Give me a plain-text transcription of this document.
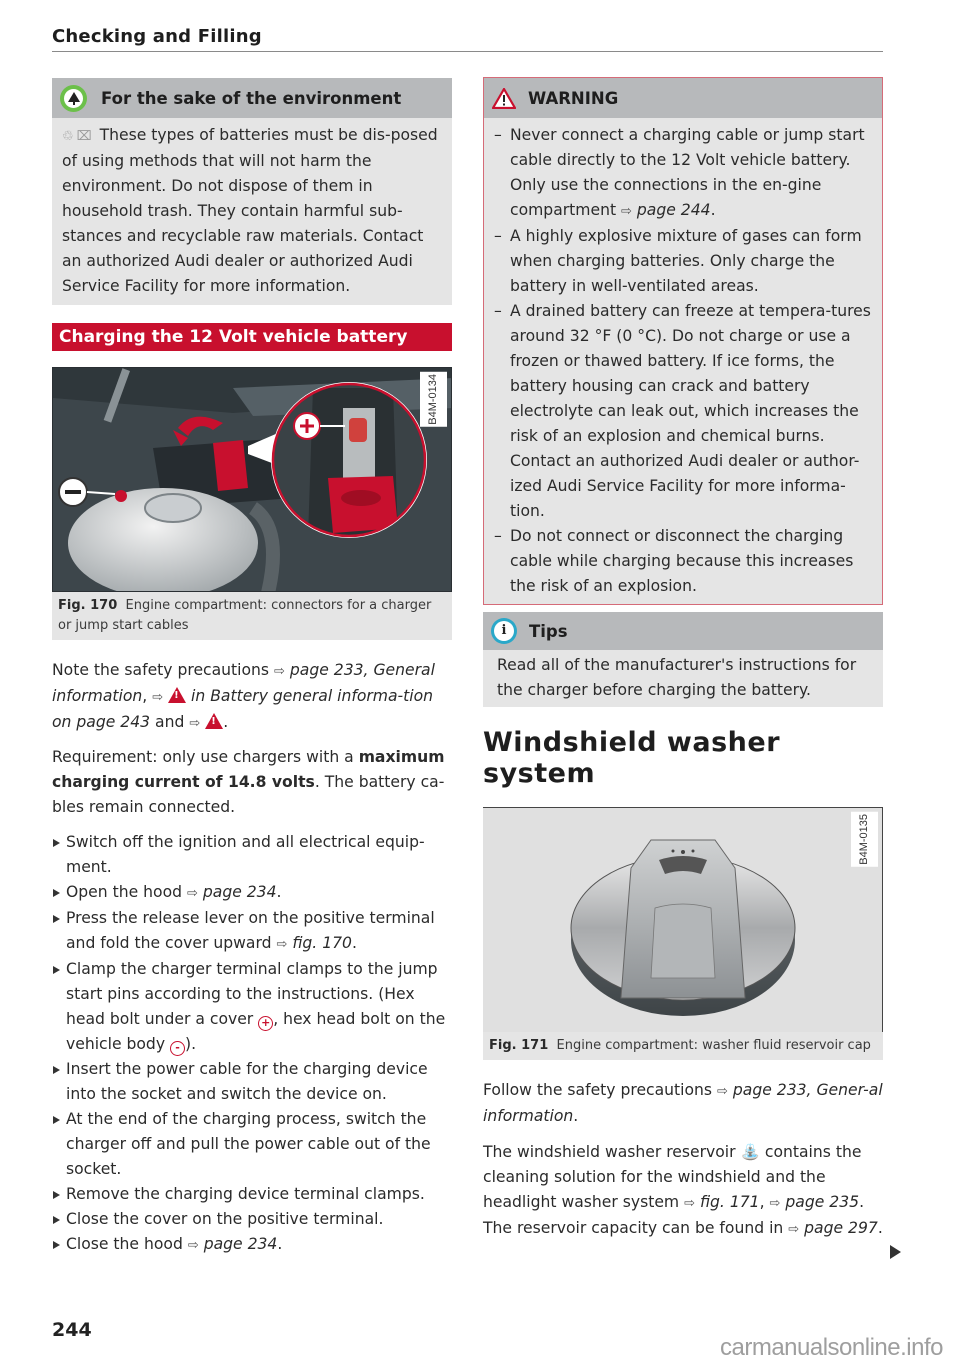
Checking and Filling
For the sake of the environment
♲ ⌧ These types of batteries must be dis-posed of using methods that will not harm the environment. Do not dispose of them in household trash. They contain harmful sub-stances and recyclable raw materials. Contact an authorized Audi dealer or authorized Audi Service Facility for more information.
Charging the 12 Volt vehicle battery
B4M-0134
Fig. 170 Engine compartment: connectors for a charger or jump start cables

Note the safety precautions ⇨ page 233, General information, ⇨ ! in Battery general informa-tion on page 243 and ⇨ ! .

Requirement: only use chargers with a maximum charging current of 14.8 volts. The battery ca-bles remain connected.

Switch off the ignition and all electrical equip-ment.
Open the hood ⇨ page 234.
Press the release lever on the positive terminal and fold the cover upward ⇨ fig. 170.
Clamp the charger terminal clamps to the jump start pins according to the instructions. (Hex head bolt under a cover + , hex head bolt on the vehicle body - ).
Insert the power cable for the charging device into the socket and switch the device on.
At the end of the charging process, switch the charger off and pull the power cable out of the socket.
Remove the charging device terminal clamps.
Close the cover on the positive terminal.
Close the hood ⇨ page 234.
WARNING
– Never connect a charging cable or jump start cable directly to the 12 Volt vehicle battery. Only use the connections in the en-gine compartment ⇨ page 244.
– A highly explosive mixture of gases can form when charging batteries. Only charge the battery in well-ventilated areas.
– A drained battery can freeze at tempera-tures around 32 °F (0 °C). Do not charge or use a frozen or thawed battery. If ice forms, the battery housing can crack and battery electrolyte can leak out, which increases the risk of an explosion and chemical burns. Contact an authorized Audi dealer or author-ized Audi Service Facility for more informa-tion.
– Do not connect or disconnect the charging cable while charging because this increases the risk of an explosion.
i	Tips
Read all of the manufacturer's instructions for the charger before charging the battery.
Windshield washer
system
B4M-0135
Fig. 171 Engine compartment: washer fluid reservoir cap

Follow the safety precautions ⇨ page 233, Gener-al information.

The windshield washer reservoir ⛲ contains the cleaning solution for the windshield and the headlight washer system ⇨ fig. 171, ⇨ page 235. The reservoir capacity can be found in ⇨ page 297.

244
carmanualsonline.info
